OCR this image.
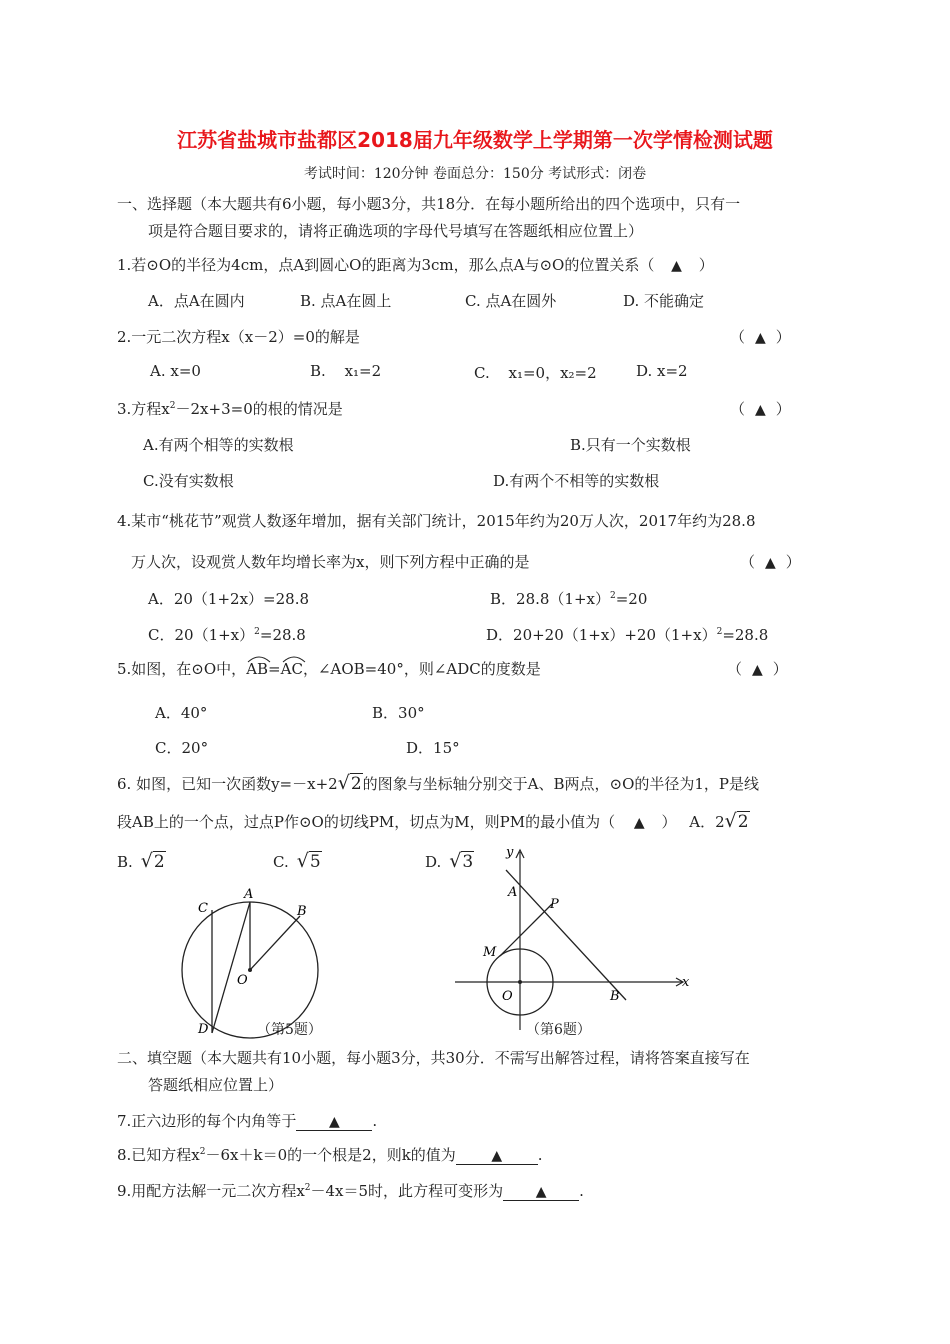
江苏省盐城市盐都区2018届九年级数学上学期第一次学情检测试题
考试时间：120分钟 卷面总分：150分 考试形式：闭卷
一、选择题（本大题共有6小题，每小题3分，共18分．在每小题所给出的四个选项中，只有一
项是符合题目要求的，请将正确选项的字母代号填写在答题纸相应位置上）
1.若⊙O的半径为4cm，点A到圆心O的距离为3cm，那么点A与⊙O的位置关系（ ▲ ）
A．点A在圆内	B. 点A在圆上	C. 点A在圆外	D. 不能确定
2.一元二次方程x（x－2）=0的解是	（ ▲ ）
A. x=0	B. x₁=2	C. x₁=0，x₂=2	D. x=2
3.方程$x^2-2x+3=0$的根的情况是	（ ▲ ）
A.有两个相等的实数根	B.只有一个实数根
C.没有实数根	D.有两个不相等的实数根
4.某市“桃花节”观赏人数逐年增加，据有关部门统计，2015年约为20万人次，2017年约为28.8
万人次，设观赏人数年均增长率为x，则下列方程中正确的是	（ ▲ ）
A．20（1+2x）=28.8	B．$28.8(1+x)^2=20$
C．$20(1+x)^2=28.8$	D．$20+20(1+x)+20(1+x)^2=28.8$
5.如图，在⊙O中，
AB=
AC，∠AOB=40°，则∠ADC的度数是	（ ▲ ）
A．40°	B．30°
C．20°	D．15°
6. 如图，已知一次函数y=－x+2√2的图象与坐标轴分别交于A、B两点，⊙O的半径为1，P是线
段AB上的一个点，过点P作⊙O的切线PM，切点为M，则PM的最小值为（ ▲ ） A．2√2
B. √2	C. √5	D. √3
A
B
C
D
O
（第5题）
y
x
A
P
M
O	B
（第6题）
二、填空题（本大题共有10小题，每小题3分，共30分．不需写出解答过程，请将答案直接写在
答题纸相应位置上）
7.正六边形的每个内角等于 ▲ .
8.已知方程$x^2-6x+k=0$的一个根是2，则k的值为	▲ .
9.用配方法解一元二次方程$x^2-4x=5$时，此方程可变形为 ▲ .
